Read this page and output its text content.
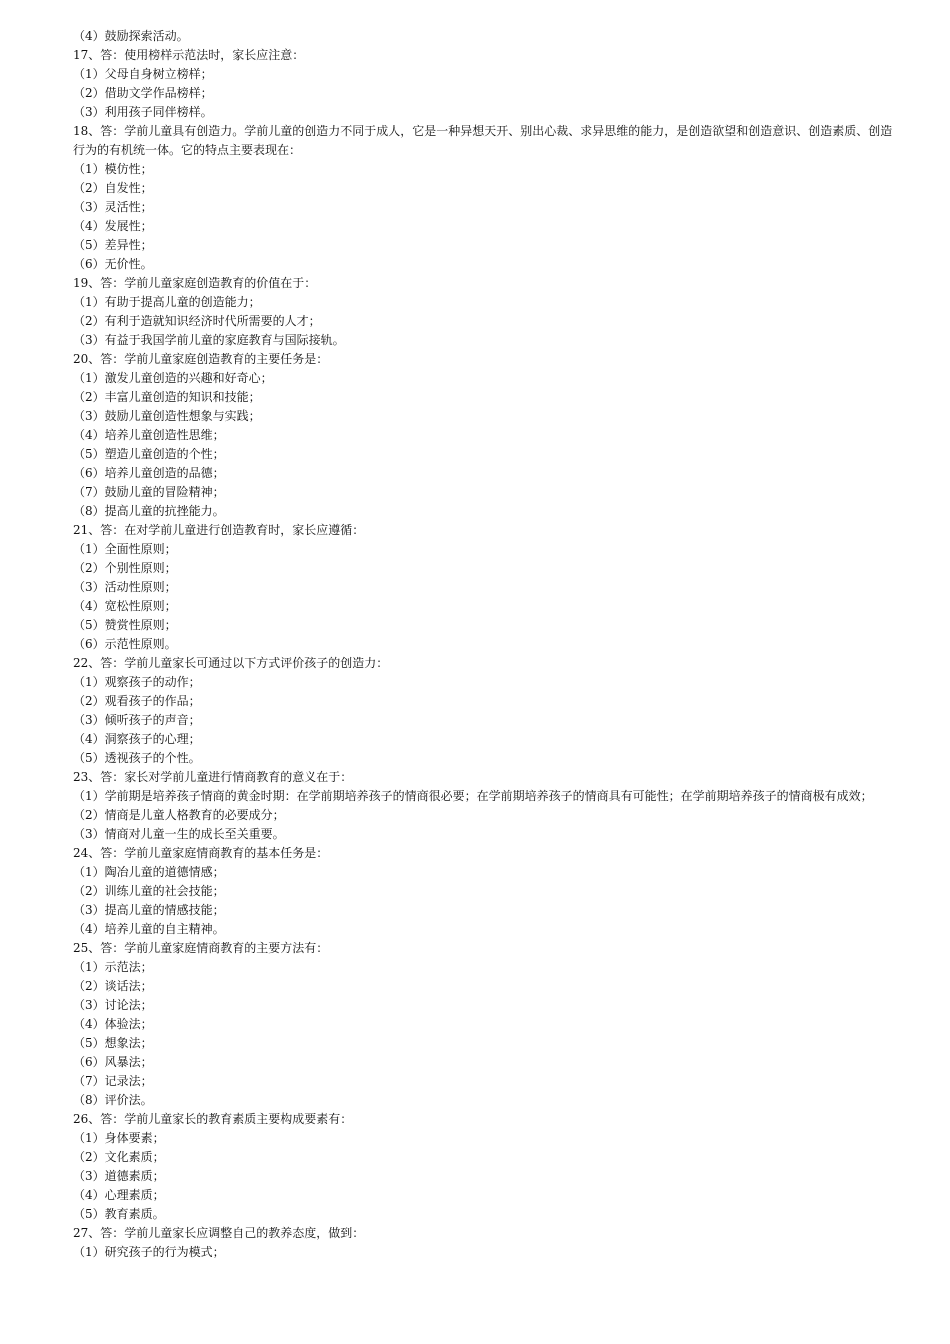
（4）鼓励探索活动。
17、答：使用榜样示范法时，家长应注意：
（1）父母自身树立榜样；
（2）借助文学作品榜样；
（3）利用孩子同伴榜样。
18、答：学前儿童具有创造力。学前儿童的创造力不同于成人，它是一种异想天开、别出心裁、求异思维的能力，是创造欲望和创造意识、创造素质、创造行为的有机统一体。它的特点主要表现在：
（1）模仿性；
（2）自发性；
（3）灵活性；
（4）发展性；
（5）差异性；
（6）无价性。
19、答：学前儿童家庭创造教育的价值在于：
（1）有助于提高儿童的创造能力；
（2）有利于造就知识经济时代所需要的人才；
（3）有益于我国学前儿童的家庭教育与国际接轨。
20、答：学前儿童家庭创造教育的主要任务是：
（1）激发儿童创造的兴趣和好奇心；
（2）丰富儿童创造的知识和技能；
（3）鼓励儿童创造性想象与实践；
（4）培养儿童创造性思维；
（5）塑造儿童创造的个性；
（6）培养儿童创造的品德；
（7）鼓励儿童的冒险精神；
（8）提高儿童的抗挫能力。
21、答：在对学前儿童进行创造教育时，家长应遵循：
（1）全面性原则；
（2）个别性原则；
（3）活动性原则；
（4）宽松性原则；
（5）赞赏性原则；
（6）示范性原则。
22、答：学前儿童家长可通过以下方式评价孩子的创造力：
（1）观察孩子的动作；
（2）观看孩子的作品；
（3）倾听孩子的声音；
（4）洞察孩子的心理；
（5）透视孩子的个性。
23、答：家长对学前儿童进行情商教育的意义在于：
（1）学前期是培养孩子情商的黄金时期：在学前期培养孩子的情商很必要；在学前期培养孩子的情商具有可能性；在学前期培养孩子的情商极有成效；
（2）情商是儿童人格教育的必要成分；
（3）情商对儿童一生的成长至关重要。
24、答：学前儿童家庭情商教育的基本任务是：
（1）陶冶儿童的道德情感；
（2）训练儿童的社会技能；
（3）提高儿童的情感技能；
（4）培养儿童的自主精神。
25、答：学前儿童家庭情商教育的主要方法有：
（1）示范法；
（2）谈话法；
（3）讨论法；
（4）体验法；
（5）想象法；
（6）风暴法；
（7）记录法；
（8）评价法。
26、答：学前儿童家长的教育素质主要构成要素有：
（1）身体要素；
（2）文化素质；
（3）道德素质；
（4）心理素质；
（5）教育素质。
27、答：学前儿童家长应调整自己的教养态度，做到：
（1）研究孩子的行为模式；
